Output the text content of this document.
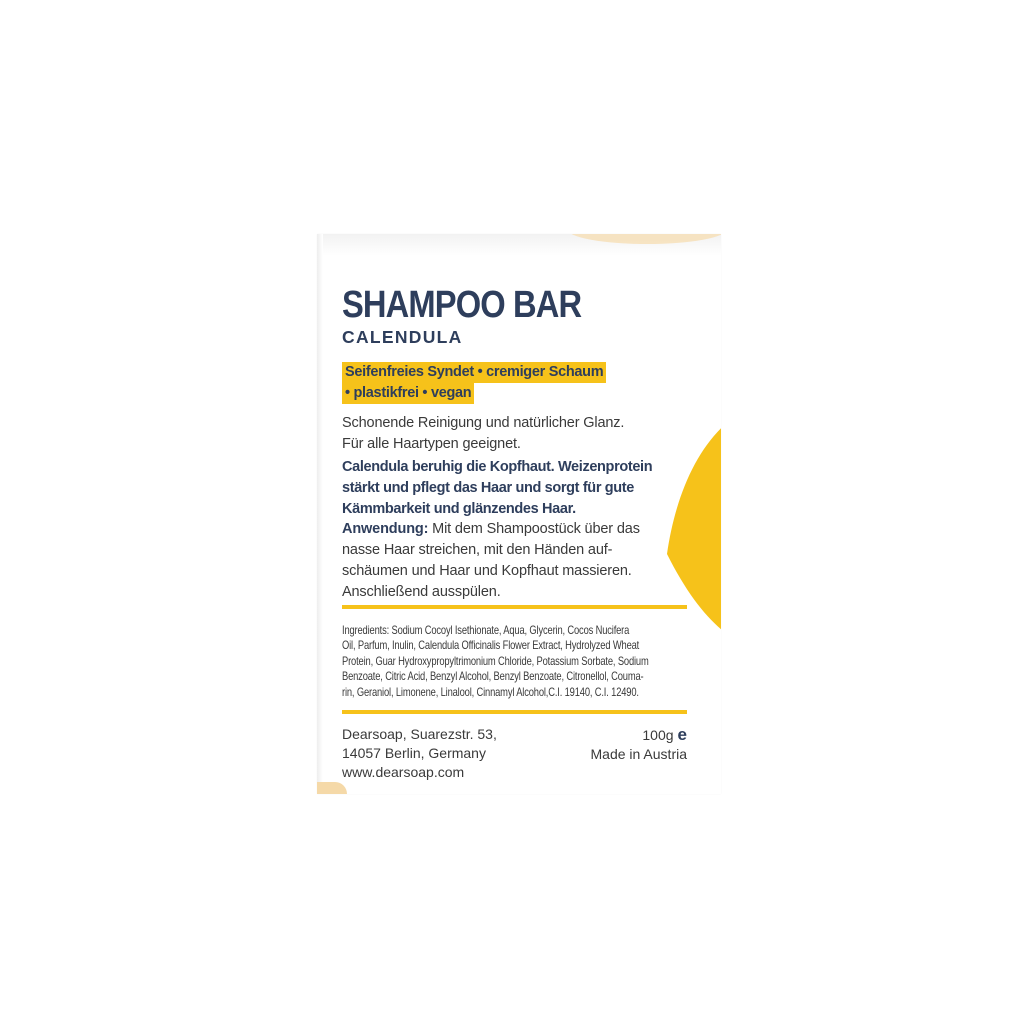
SHAMPOO BAR
CALENDULA
Seifenfreies Syndet • cremiger Schaum
• plastikfrei • vegan

Schonende Reinigung und natürlicher Glanz.
Für alle Haartypen geeignet.

Calendula beruhig die Kopfhaut. Weizenprotein
stärkt und pflegt das Haar und sorgt für gute
Kämmbarkeit und glänzendes Haar.

Anwendung: Mit dem Shampoostück über das
nasse Haar streichen, mit den Händen auf-
schäumen und Haar und Kopfhaut massieren.
Anschließend ausspülen.

Ingredients: Sodium Cocoyl Isethionate, Aqua, Glycerin, Cocos Nucifera
Oil, Parfum, Inulin, Calendula Officinalis Flower Extract, Hydrolyzed Wheat
Protein, Guar Hydroxypropyltrimonium Chloride, Potassium Sorbate, Sodium
Benzoate, Citric Acid, Benzyl Alcohol, Benzyl Benzoate, Citronellol, Couma-
rin, Geraniol, Limonene, Linalool, Cinnamyl Alcohol,C.I. 19140, C.I. 12490.

Dearsoap, Suarezstr. 53,
14057 Berlin, Germany
www.dearsoap.com

100g e
Made in Austria
